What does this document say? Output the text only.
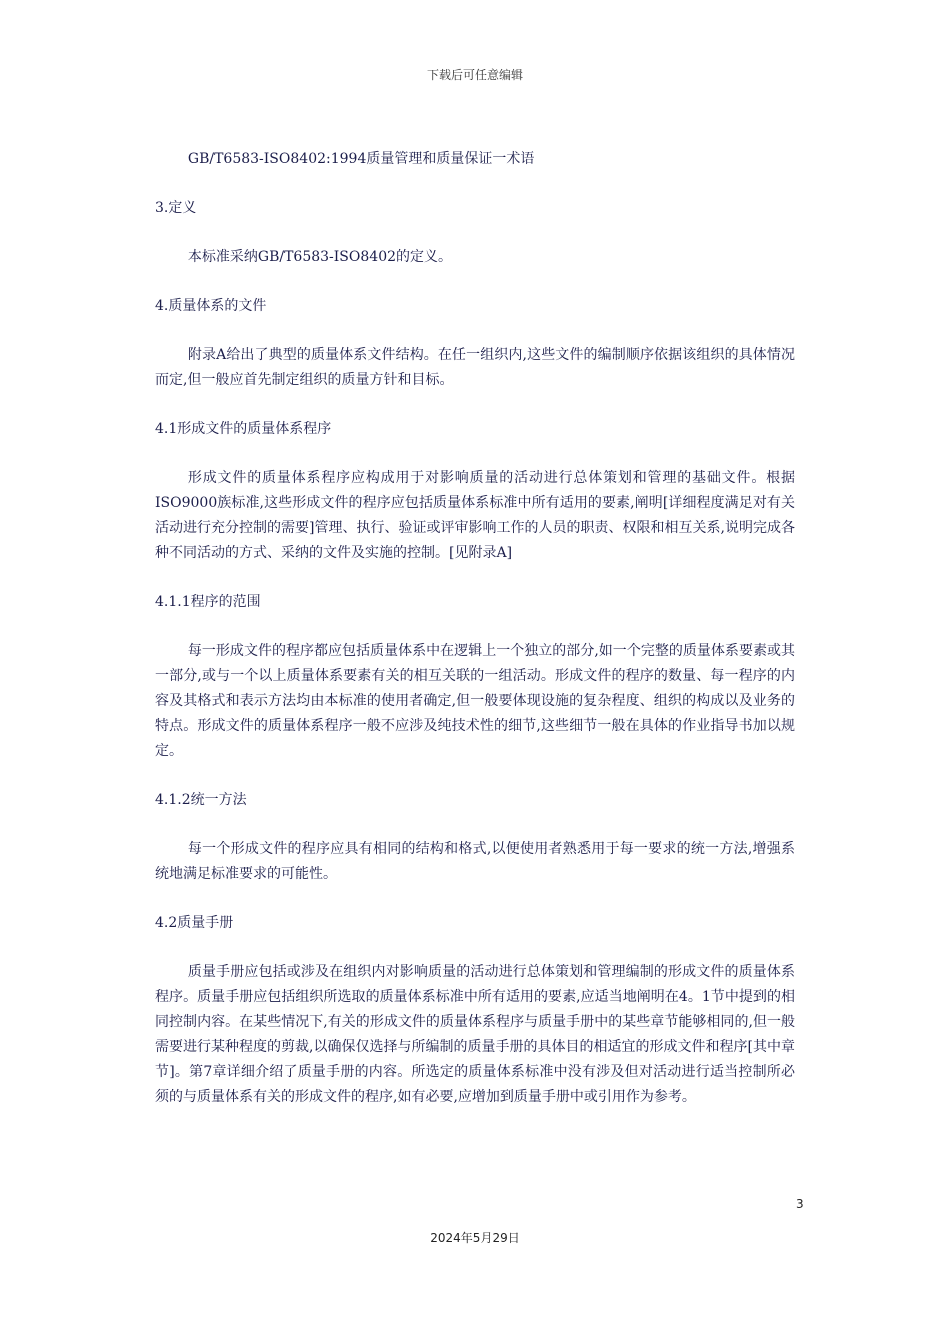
下载后可任意编辑

GB/T6583-ISO8402:1994质量管理和质量保证一术语

3.定义

本标准采纳GB/T6583-ISO8402的定义。

4.质量体系的文件

附录A给出了典型的质量体系文件结构。在任一组织内,这些文件的编制顺序依据该组织的具体情况而定,但一般应首先制定组织的质量方针和目标。

4.1形成文件的质量体系程序

形成文件的质量体系程序应构成用于对影响质量的活动进行总体策划和管理的基础文件。根据ISO9000族标准,这些形成文件的程序应包括质量体系标准中所有适用的要素,阐明[详细程度满足对有关活动进行充分控制的需要]管理、执行、验证或评审影响工作的人员的职责、权限和相互关系,说明完成各种不同活动的方式、采纳的文件及实施的控制。[见附录A]

4.1.1程序的范围

每一形成文件的程序都应包括质量体系中在逻辑上一个独立的部分,如一个完整的质量体系要素或其一部分,或与一个以上质量体系要素有关的相互关联的一组活动。形成文件的程序的数量、每一程序的内容及其格式和表示方法均由本标准的使用者确定,但一般要体现设施的复杂程度、组织的构成以及业务的特点。形成文件的质量体系程序一般不应涉及纯技术性的细节,这些细节一般在具体的作业指导书加以规定。

4.1.2统一方法

每一个形成文件的程序应具有相同的结构和格式,以便使用者熟悉用于每一要求的统一方法,增强系统地满足标准要求的可能性。

4.2质量手册

质量手册应包括或涉及在组织内对影响质量的活动进行总体策划和管理编制的形成文件的质量体系程序。质量手册应包括组织所选取的质量体系标准中所有适用的要素,应适当地阐明在4。1节中提到的相同控制内容。在某些情况下,有关的形成文件的质量体系程序与质量手册中的某些章节能够相同的,但一般需要进行某种程度的剪裁,以确保仅选择与所编制的质量手册的具体目的相适宜的形成文件和程序[其中章节]。第7章详细介绍了质量手册的内容。所选定的质量体系标准中没有涉及但对活动进行适当控制所必须的与质量体系有关的形成文件的程序,如有必要,应增加到质量手册中或引用作为参考。

3
2024年5月29日
